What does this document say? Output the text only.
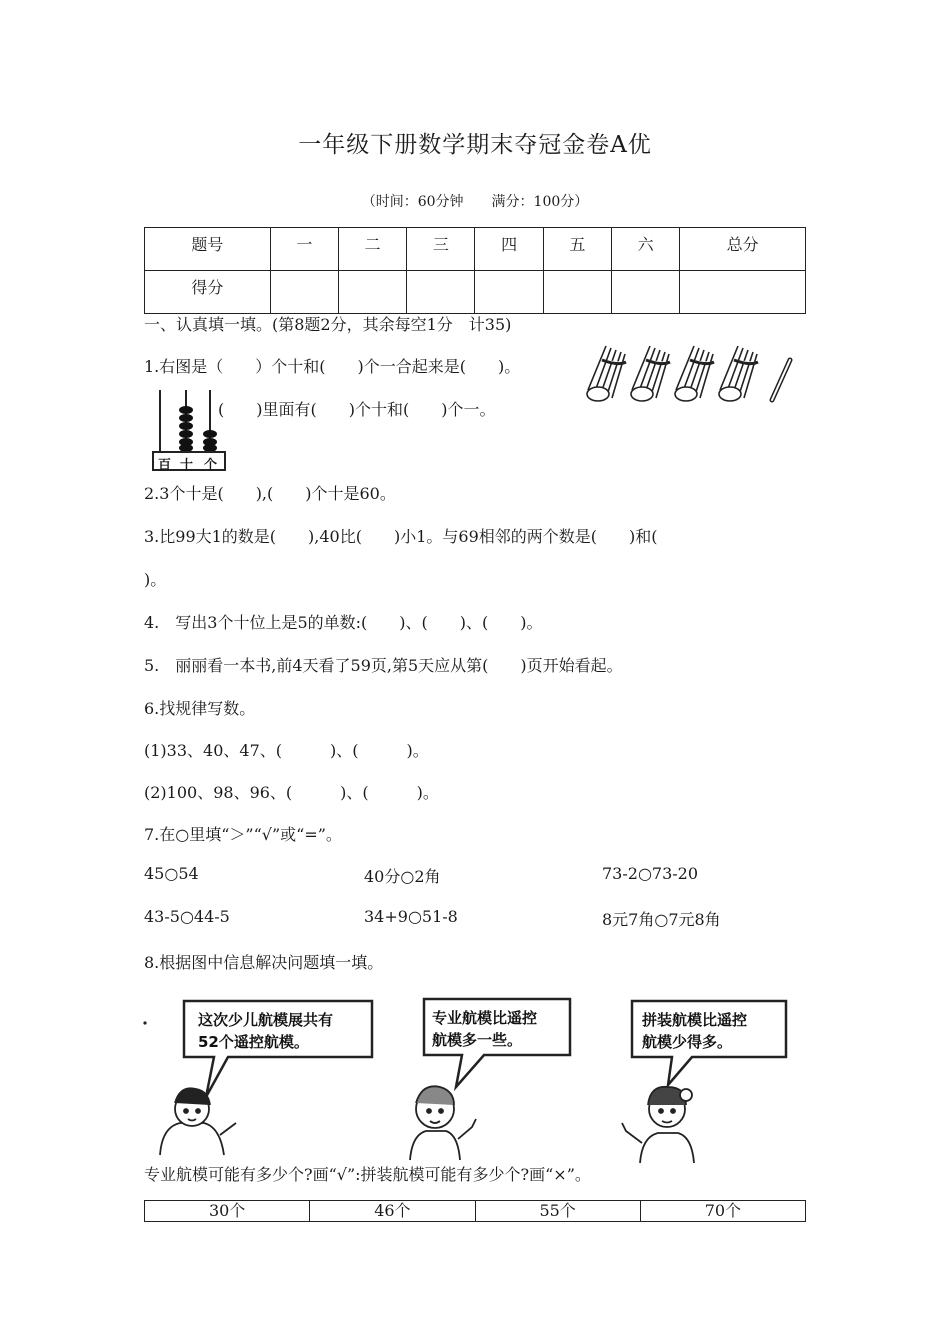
一年级下册数学期末夺冠金卷A优
（时间：60分钟　　满分：100分）
题号	一	二	三	四	五	六	总分
得分							
一、认真填一填。(第8题2分，其余每空1分　计35)
1.右图是（　　）个十和(　　)个一合起来是(　　)。
百 十 个
(　　)里面有(　　)个十和(　　)个一。
2.3个十是(　　),(　　)个十是60。
3.比99大1的数是(　　),40比(　　)小1。与69相邻的两个数是(　　)和(
)。
4.　写出3个十位上是5的单数:(　　)、(　　)、(　　)。
5.　丽丽看一本书,前4天看了59页,第5天应从第(　　)页开始看起。
6.找规律写数。
(1)33、40、47、(　　　)、(　　　)。
(2)100、98、96、(　　　)、(　　　)。
7.在○里填“＞”“√”或“=”。
45○54	40分○2角	73-2○73-20
43-5○44-5	34+9○51-8	8元7角○7元8角
8.根据图中信息解决问题填一填。
这次少儿航模展共有
52个遥控航模。
专业航模比遥控
航模多一些。
拼装航模比遥控
航模少得多。
专业航模可能有多少个?画“√”:拼装航模可能有多少个?画“×”。
30个	46个	55个	70个
